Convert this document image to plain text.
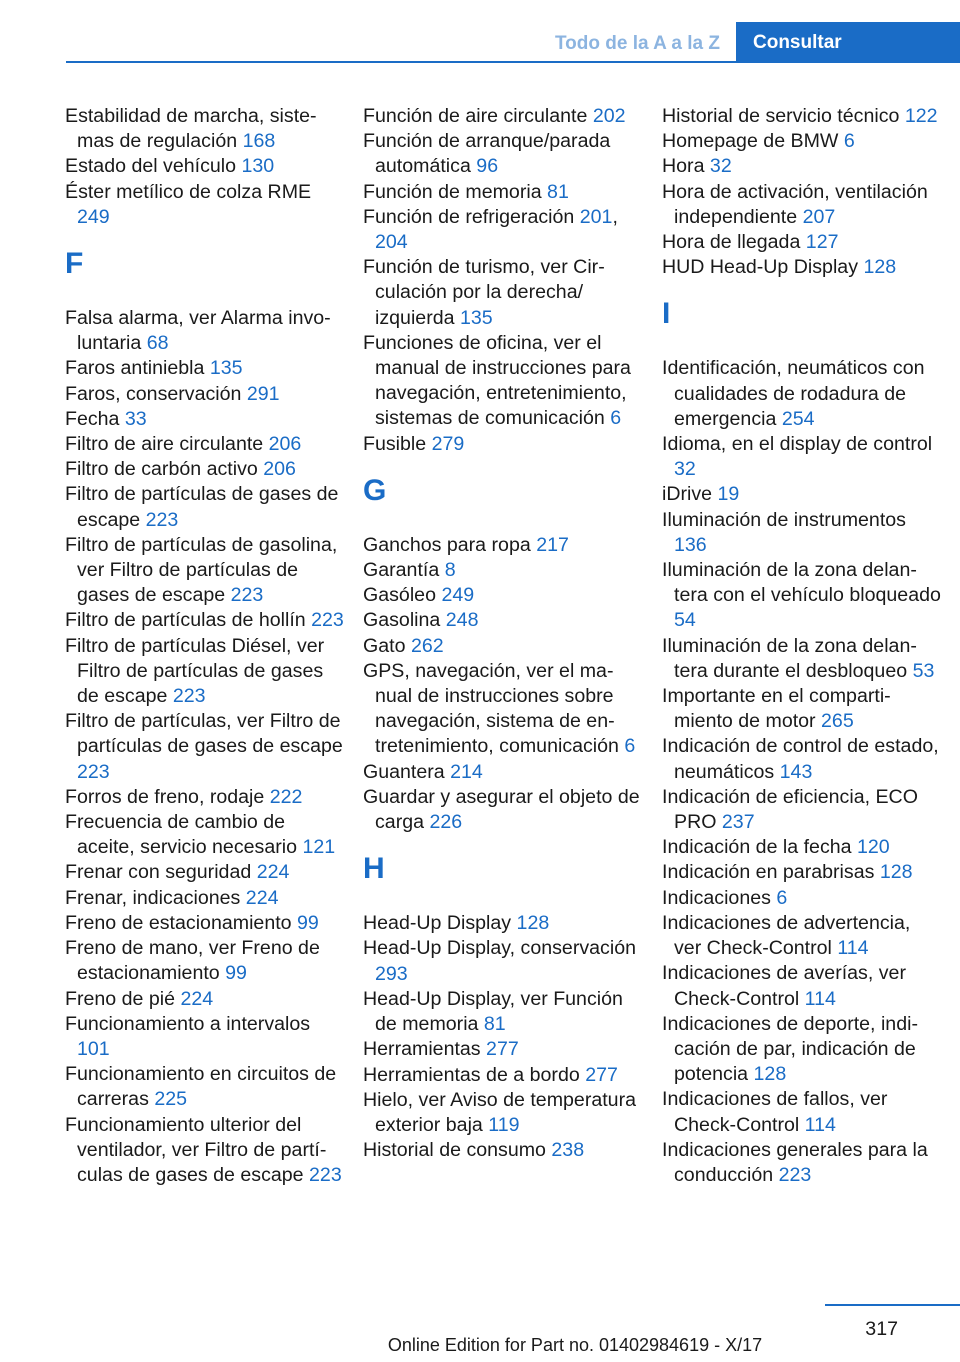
Todo de la A a la Z	Consultar
Estabilidad de marcha, sistemas de regulación 168
Estado del vehículo 130
Éster metílico de colza RME 249
F
Falsa alarma, ver Alarma involuntaria 68
Faros antiniebla 135
Faros, conservación 291
Fecha 33
Filtro de aire circulante 206
Filtro de carbón activo 206
Filtro de partículas de gases de escape 223
Filtro de partículas de gasolina, ver Filtro de partículas de gases de escape 223
Filtro de partículas de hollín 223
Filtro de partículas Diésel, ver Filtro de partículas de gases de escape 223
Filtro de partículas, ver Filtro de partículas de gases de escape 223
Forros de freno, rodaje 222
Frecuencia de cambio de aceite, servicio necesario 121
Frenar con seguridad 224
Frenar, indicaciones 224
Freno de estacionamiento 99
Freno de mano, ver Freno de estacionamiento 99
Freno de pié 224
Funcionamiento a intervalos 101
Funcionamiento en circuitos de carreras 225
Funcionamiento ulterior del ventilador, ver Filtro de partículas de gases de escape 223
Función de aire circulante 202
Función de arranque/parada automática 96
Función de memoria 81
Función de refrigeración 201, 204
Función de turismo, ver Circulación por la derecha/ izquierda 135
Funciones de oficina, ver el manual de instrucciones para navegación, entretenimiento, sistemas de comunicación 6
Fusible 279
G
Ganchos para ropa 217
Garantía 8
Gasóleo 249
Gasolina 248
Gato 262
GPS, navegación, ver el manual de instrucciones sobre navegación, sistema de entretenimiento, comunicación 6
Guantera 214
Guardar y asegurar el objeto de carga 226
H
Head-Up Display 128
Head-Up Display, conservación 293
Head-Up Display, ver Función de memoria 81
Herramientas 277
Herramientas de a bordo 277
Hielo, ver Aviso de temperatura exterior baja 119
Historial de consumo 238
Historial de servicio técnico 122
Homepage de BMW 6
Hora 32
Hora de activación, ventilación independiente 207
Hora de llegada 127
HUD Head-Up Display 128
I
Identificación, neumáticos con cualidades de rodadura de emergencia 254
Idioma, en el display de control 32
iDrive 19
Iluminación de instrumentos 136
Iluminación de la zona delantera con el vehículo bloqueado 54
Iluminación de la zona delantera durante el desbloqueo 53
Importante en el compartimiento de motor 265
Indicación de control de estado, neumáticos 143
Indicación de eficiencia, ECO PRO 237
Indicación de la fecha 120
Indicación en parabrisas 128
Indicaciones 6
Indicaciones de advertencia, ver Check-Control 114
Indicaciones de averías, ver Check-Control 114
Indicaciones de deporte, indicación de par, indicación de potencia 128
Indicaciones de fallos, ver Check-Control 114
Indicaciones generales para la conducción 223
317
Online Edition for Part no. 01402984619 - X/17
